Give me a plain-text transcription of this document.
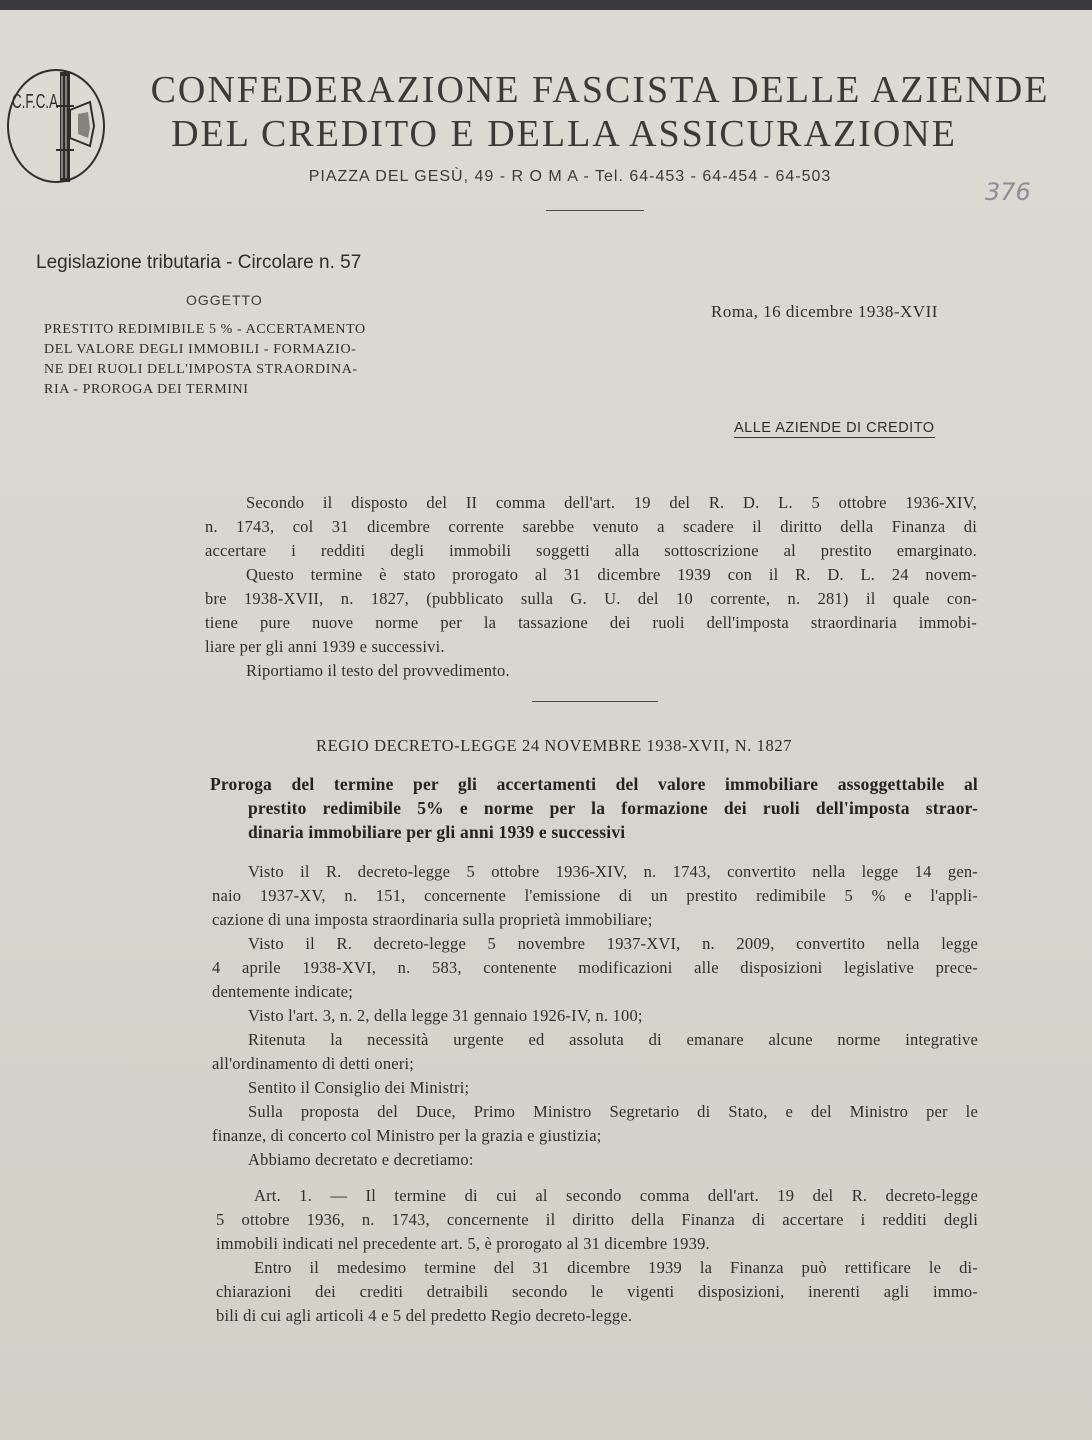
C.F.C.A	CONFEDERAZIONE FASCISTA DELLE AZIENDE
DEL CREDITO E DELLA ASSICURAZIONE
PIAZZA DEL GESÙ, 49 - R O M A - Tel. 64-453 - 64-454 - 64-503
376
Legislazione tributaria - Circolare n. 57
OGGETTO
PRESTITO REDIMIBILE 5 % - ACCERTAMENTO
DEL VALORE DEGLI IMMOBILI - FORMAZIO-
NE DEI RUOLI DELL'IMPOSTA STRAORDINA-
RIA - PROROGA DEI TERMINI
Roma, 16 dicembre 1938-XVII
ALLE AZIENDE DI CREDITO
Secondo il disposto del II comma dell'art. 19 del R. D. L. 5 ottobre 1936-XIV,
n. 1743, col 31 dicembre corrente sarebbe venuto a scadere il diritto della Finanza di
accertare i redditi degli immobili soggetti alla sottoscrizione al prestito emarginato.
Questo termine è stato prorogato al 31 dicembre 1939 con il R. D. L. 24 novem-
bre 1938-XVII, n. 1827, (pubblicato sulla G. U. del 10 corrente, n. 281) il quale con-
tiene pure nuove norme per la tassazione dei ruoli dell'imposta straordinaria immobi-
liare per gli anni 1939 e successivi.
Riportiamo il testo del provvedimento.
REGIO DECRETO-LEGGE 24 NOVEMBRE 1938-XVII, N. 1827
Proroga del termine per gli accertamenti del valore immobiliare assoggettabile al
prestito redimibile 5% e norme per la formazione dei ruoli dell'imposta straor-
dinaria immobiliare per gli anni 1939 e successivi
Visto il R. decreto-legge 5 ottobre 1936-XIV, n. 1743, convertito nella legge 14 gen-
naio 1937-XV, n. 151, concernente l'emissione di un prestito redimibile 5 % e l'appli-
cazione di una imposta straordinaria sulla proprietà immobiliare;
Visto il R. decreto-legge 5 novembre 1937-XVI, n. 2009, convertito nella legge
4 aprile 1938-XVI, n. 583, contenente modificazioni alle disposizioni legislative prece-
dentemente indicate;
Visto l'art. 3, n. 2, della legge 31 gennaio 1926-IV, n. 100;
Ritenuta la necessità urgente ed assoluta di emanare alcune norme integrative
all'ordinamento di detti oneri;
Sentito il Consiglio dei Ministri;
Sulla proposta del Duce, Primo Ministro Segretario di Stato, e del Ministro per le
finanze, di concerto col Ministro per la grazia e giustizia;
Abbiamo decretato e decretiamo:
Art. 1. — Il termine di cui al secondo comma dell'art. 19 del R. decreto-legge
5 ottobre 1936, n. 1743, concernente il diritto della Finanza di accertare i redditi degli
immobili indicati nel precedente art. 5, è prorogato al 31 dicembre 1939.
Entro il medesimo termine del 31 dicembre 1939 la Finanza può rettificare le di-
chiarazioni dei crediti detraibili secondo le vigenti disposizioni, inerenti agli immo-
bili di cui agli articoli 4 e 5 del predetto Regio decreto-legge.
